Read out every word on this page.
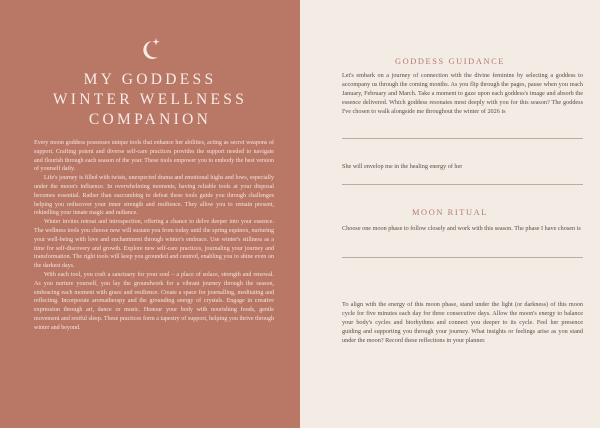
MY GODDESS
WINTER WELLNESS
COMPANION

Every moon goddess possesses unique tools that enhance her abilities, acting as secret weapons of support. Crafting potent and diverse self-care practices provides the support needed to navigate and flourish through each season of the year. These tools empower you to embody the best version of yourself daily.

Life's journey is filled with twists, unexpected drama and emotional highs and lows, especially under the moon's influence. In overwhelming moments, having reliable tools at your disposal becomes essential. Rather than succumbing to defeat these tools guide you through challenges helping you rediscover your inner strength and resilience. They allow you to remain present, rekindling your innate magic and radiance.

Winter invites retreat and introspection, offering a chance to delve deeper into your essence. The wellness tools you choose now will sustain you from today until the spring equinox, nurturing your well-being with love and enchantment through winter's embrace. Use winter's stillness as a time for self-discovery and growth. Explore new self-care practices, journaling your journey and transformation. The right tools will keep you grounded and centred, enabling you to shine even on the darkest days.

With each tool, you craft a sanctuary for your soul – a place of solace, strength and renewal. As you nurture yourself, you lay the groundwork for a vibrant journey through the season, embracing each moment with grace and resilience. Create a space for journalling, meditating and reflecting. Incorporate aromatherapy and the grounding energy of crystals. Engage in creative expression through art, dance or music. Honour your body with nourishing foods, gentle movement and restful sleep. These practices form a tapestry of support, helping you thrive through winter and beyond.

GODDESS GUIDANCE
Let's embark on a journey of connection with the divine feminine by selecting a goddess to accompany us through the coming months. As you flip through the pages, pause when you reach January, February and March. Take a moment to gaze upon each goddess's image and absorb the essence delivered. Which goddess resonates most deeply with you for this season? The goddess I've chosen to walk alongside me throughout the winter of 2026 is
She will envelop me in the healing energy of her
MOON RITUAL
Choose one moon phase to follow closely and work with this season. The phase I have chosen is
To align with the energy of this moon phase, stand under the light (or darkness) of this moon cycle for five minutes each day for three consecutive days. Allow the moon's energy to balance your body's cycles and biorhythms and connect you deeper to its cycle. Feel her presence guiding and supporting you through your journey. What insights or feelings arise as you stand under the moon? Record these reflections in your planner.
